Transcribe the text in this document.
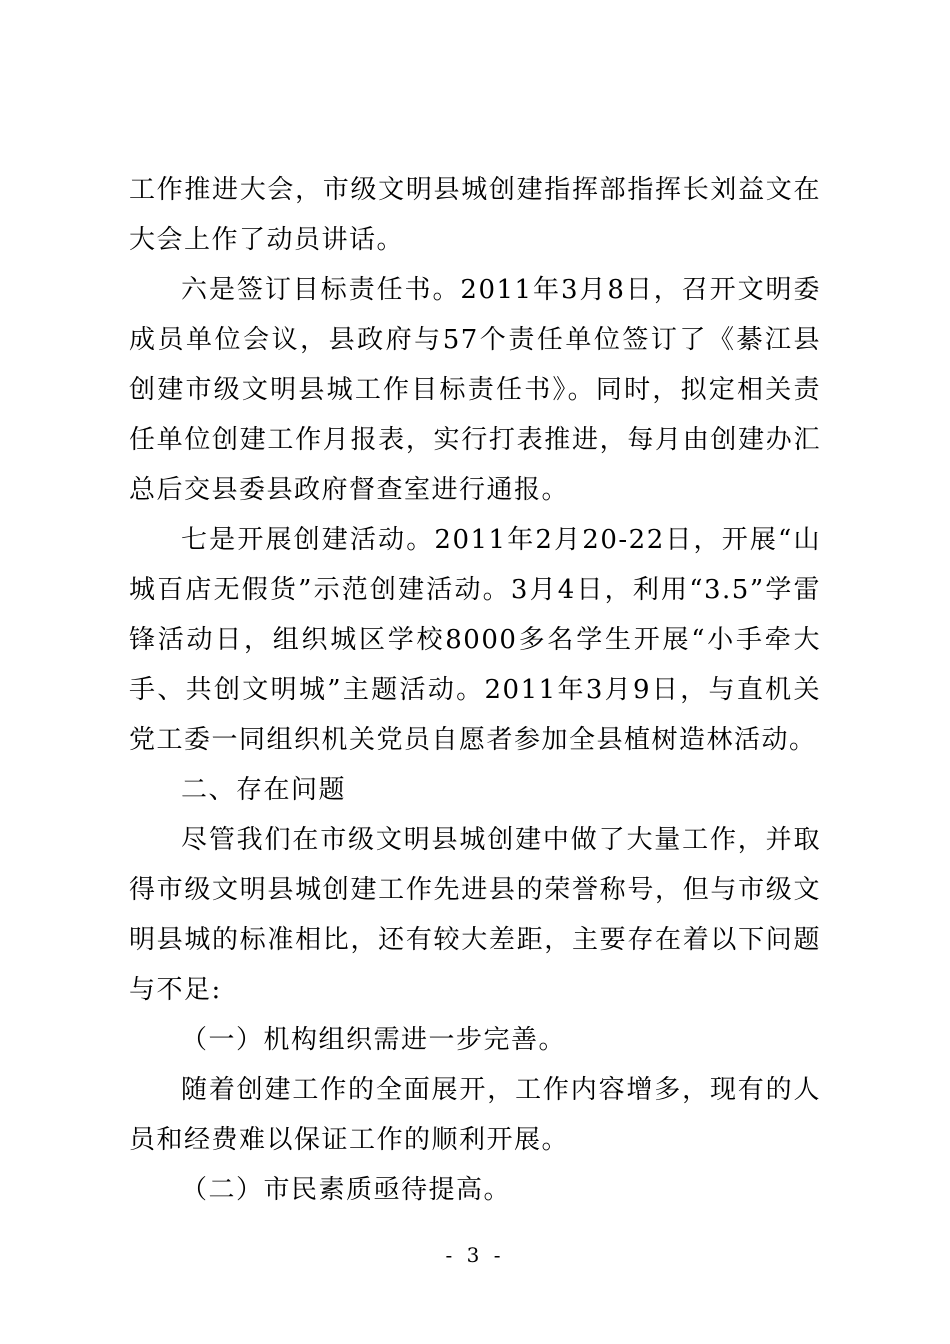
工作推进大会，市级文明县城创建指挥部指挥长刘益文在大会上作了动员讲话。

六是签订目标责任书。2011年3月8日，召开文明委成员单位会议，县政府与57个责任单位签订了《綦江县创建市级文明县城工作目标责任书》。同时，拟定相关责任单位创建工作月报表，实行打表推进，每月由创建办汇总后交县委县政府督查室进行通报。

七是开展创建活动。2011年2月20-22日，开展“山城百店无假货”示范创建活动。3月4日，利用“3.5”学雷锋活动日，组织城区学校8000多名学生开展“小手牵大手、共创文明城”主题活动。2011年3月9日，与直机关党工委一同组织机关党员自愿者参加全县植树造林活动。

二、存在问题

尽管我们在市级文明县城创建中做了大量工作，并取得市级文明县城创建工作先进县的荣誉称号，但与市级文明县城的标准相比，还有较大差距，主要存在着以下问题与不足:

（一）机构组织需进一步完善。

随着创建工作的全面展开，工作内容增多，现有的人员和经费难以保证工作的顺利开展。

（二）市民素质亟待提高。

- 3 -
